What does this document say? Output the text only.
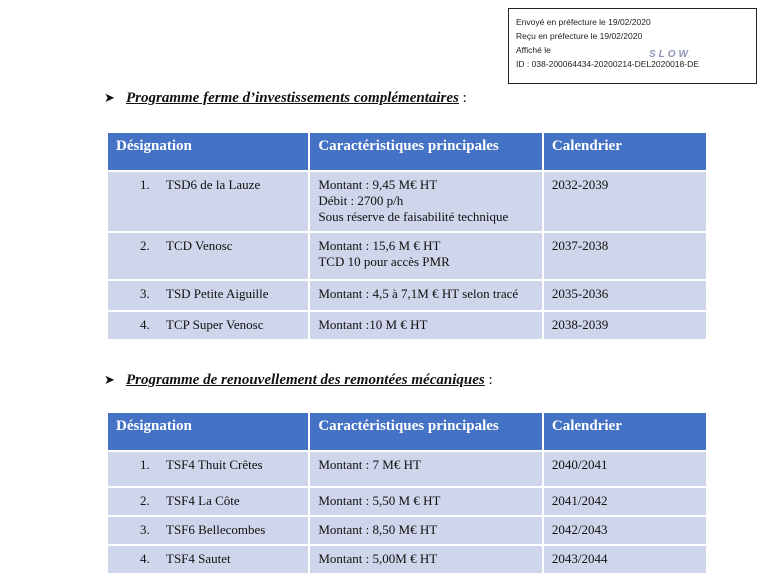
Envoyé en préfecture le 19/02/2020
Reçu en préfecture le 19/02/2020
Affiché le
ID : 038-200064434-20200214-DEL2020018-DE
SLOW
➤ Programme ferme d’investissements complémentaires :
Désignation	Caractéristiques principales	Calendrier
1. TSD6 de la Lauze	Montant : 9,45 M€ HT
Débit : 2700 p/h
Sous réserve de faisabilité technique	2032-2039
2. TCD Venosc	Montant : 15,6 M € HT
TCD 10 pour accès PMR	2037-2038
3. TSD Petite Aiguille	Montant : 4,5 à 7,1M € HT selon tracé	2035-2036
4. TCP Super Venosc	Montant :10 M € HT	2038-2039
➤ Programme de renouvellement des remontées mécaniques :
Désignation	Caractéristiques principales	Calendrier
1. TSF4 Thuit Crêtes	Montant : 7 M€ HT	2040/2041
2. TSF4 La Côte	Montant : 5,50 M € HT	2041/2042
3. TSF6 Bellecombes	Montant : 8,50 M€ HT	2042/2043
4. TSF4 Sautet	Montant : 5,00M € HT	2043/2044
